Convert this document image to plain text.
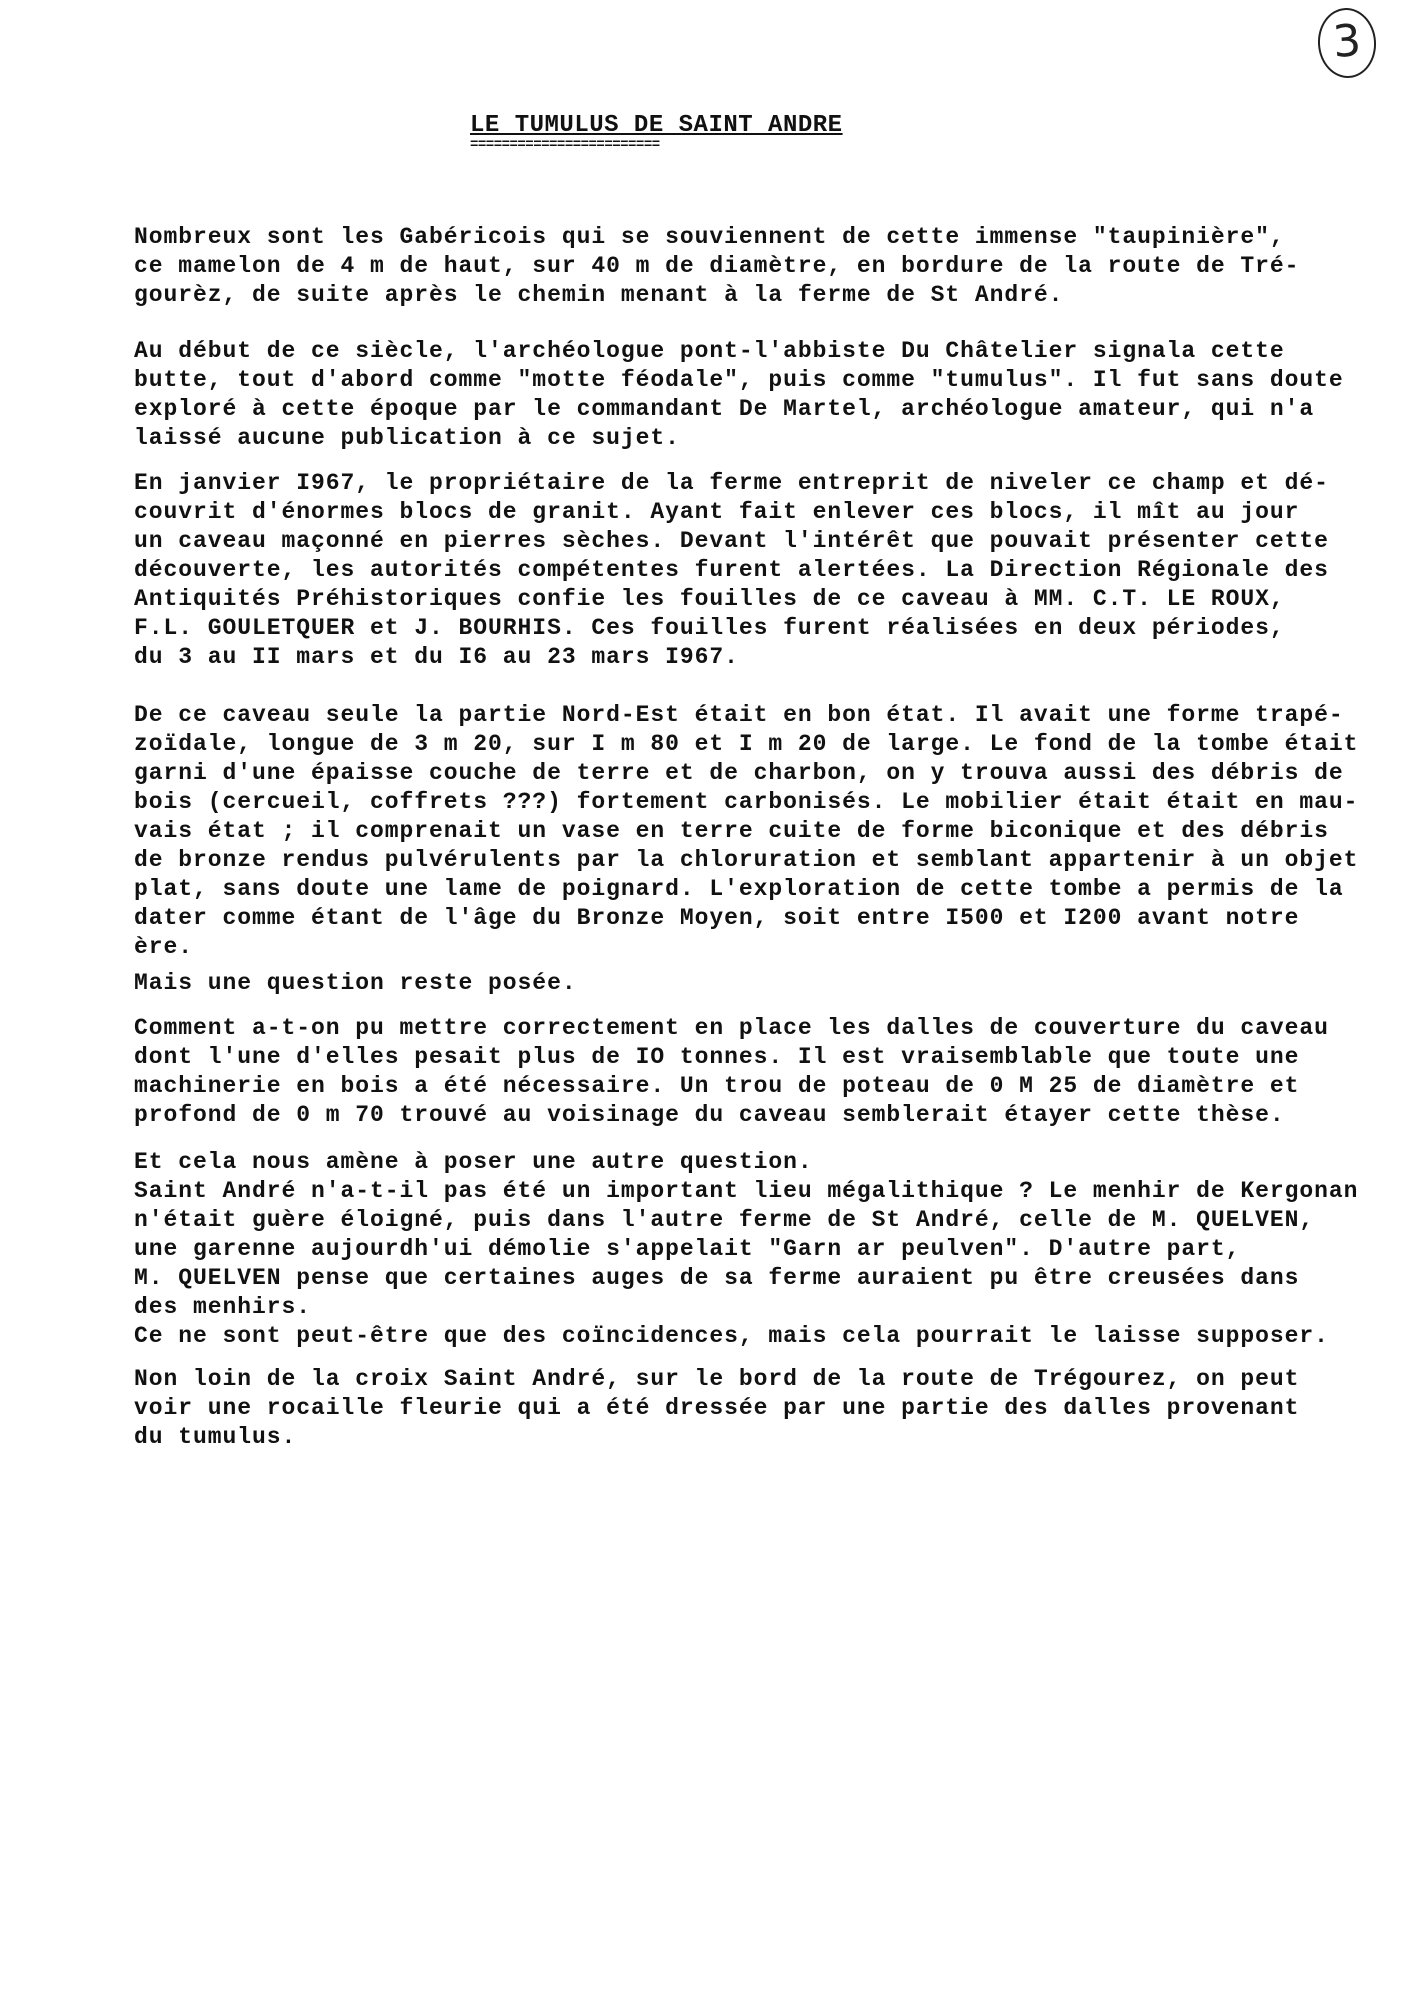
3
LE TUMULUS DE SAINT ANDRE
========================
Nombreux sont les Gabéricois qui se souviennent de cette immense "taupinière",
ce mamelon de 4 m de haut, sur 40 m de diamètre, en bordure de la route de Tré-
gourèz, de suite après le chemin menant à la ferme de St André.
Au début de ce siècle, l'archéologue pont-l'abbiste Du Châtelier signala cette
butte, tout d'abord comme "motte féodale", puis comme "tumulus". Il fut sans doute
exploré à cette époque par le commandant De Martel, archéologue amateur, qui n'a
laissé aucune publication à ce sujet.
En janvier I967, le propriétaire de la ferme entreprit de niveler ce champ et dé-
couvrit d'énormes blocs de granit. Ayant fait enlever ces blocs, il mît au jour
un caveau maçonné en pierres sèches. Devant l'intérêt que pouvait présenter cette
découverte, les autorités compétentes furent alertées. La Direction Régionale des
Antiquités Préhistoriques confie les fouilles de ce caveau à MM. C.T. LE ROUX,
F.L. GOULETQUER et J. BOURHIS. Ces fouilles furent réalisées en deux périodes,
du 3 au II mars et du I6 au 23 mars I967.
De ce caveau seule la partie Nord-Est était en bon état. Il avait une forme trapé-
zoïdale, longue de 3 m 20, sur I m 80 et I m 20 de large. Le fond de la tombe était
garni d'une épaisse couche de terre et de charbon, on y trouva aussi des débris de
bois (cercueil, coffrets ???) fortement carbonisés. Le mobilier était était en mau-
vais état ; il comprenait un vase en terre cuite de forme biconique et des débris
de bronze rendus pulvérulents par la chloruration et semblant appartenir à un objet
plat, sans doute une lame de poignard. L'exploration de cette tombe a permis de la
dater comme étant de l'âge du Bronze Moyen, soit entre I500 et I200 avant notre
ère.
Mais une question reste posée.
Comment a-t-on pu mettre correctement en place les dalles de couverture du caveau
dont l'une d'elles pesait plus de IO tonnes. Il est vraisemblable que toute une
machinerie en bois a été nécessaire. Un trou de poteau de 0 M 25 de diamètre et
profond de 0 m 70 trouvé au voisinage du caveau semblerait étayer cette thèse.
Et cela nous amène à poser une autre question.
Saint André n'a-t-il pas été un important lieu mégalithique ? Le menhir de Kergonan
n'était guère éloigné, puis dans l'autre ferme de St André, celle de M. QUELVEN,
une garenne aujourdh'ui démolie s'appelait "Garn ar peulven". D'autre part,
M. QUELVEN pense que certaines auges de sa ferme auraient pu être creusées dans
des menhirs.
Ce ne sont peut-être que des coïncidences, mais cela pourrait le laisse supposer.
Non loin de la croix Saint André, sur le bord de la route de Trégourez, on peut
voir une rocaille fleurie qui a été dressée par une partie des dalles provenant
du tumulus.
